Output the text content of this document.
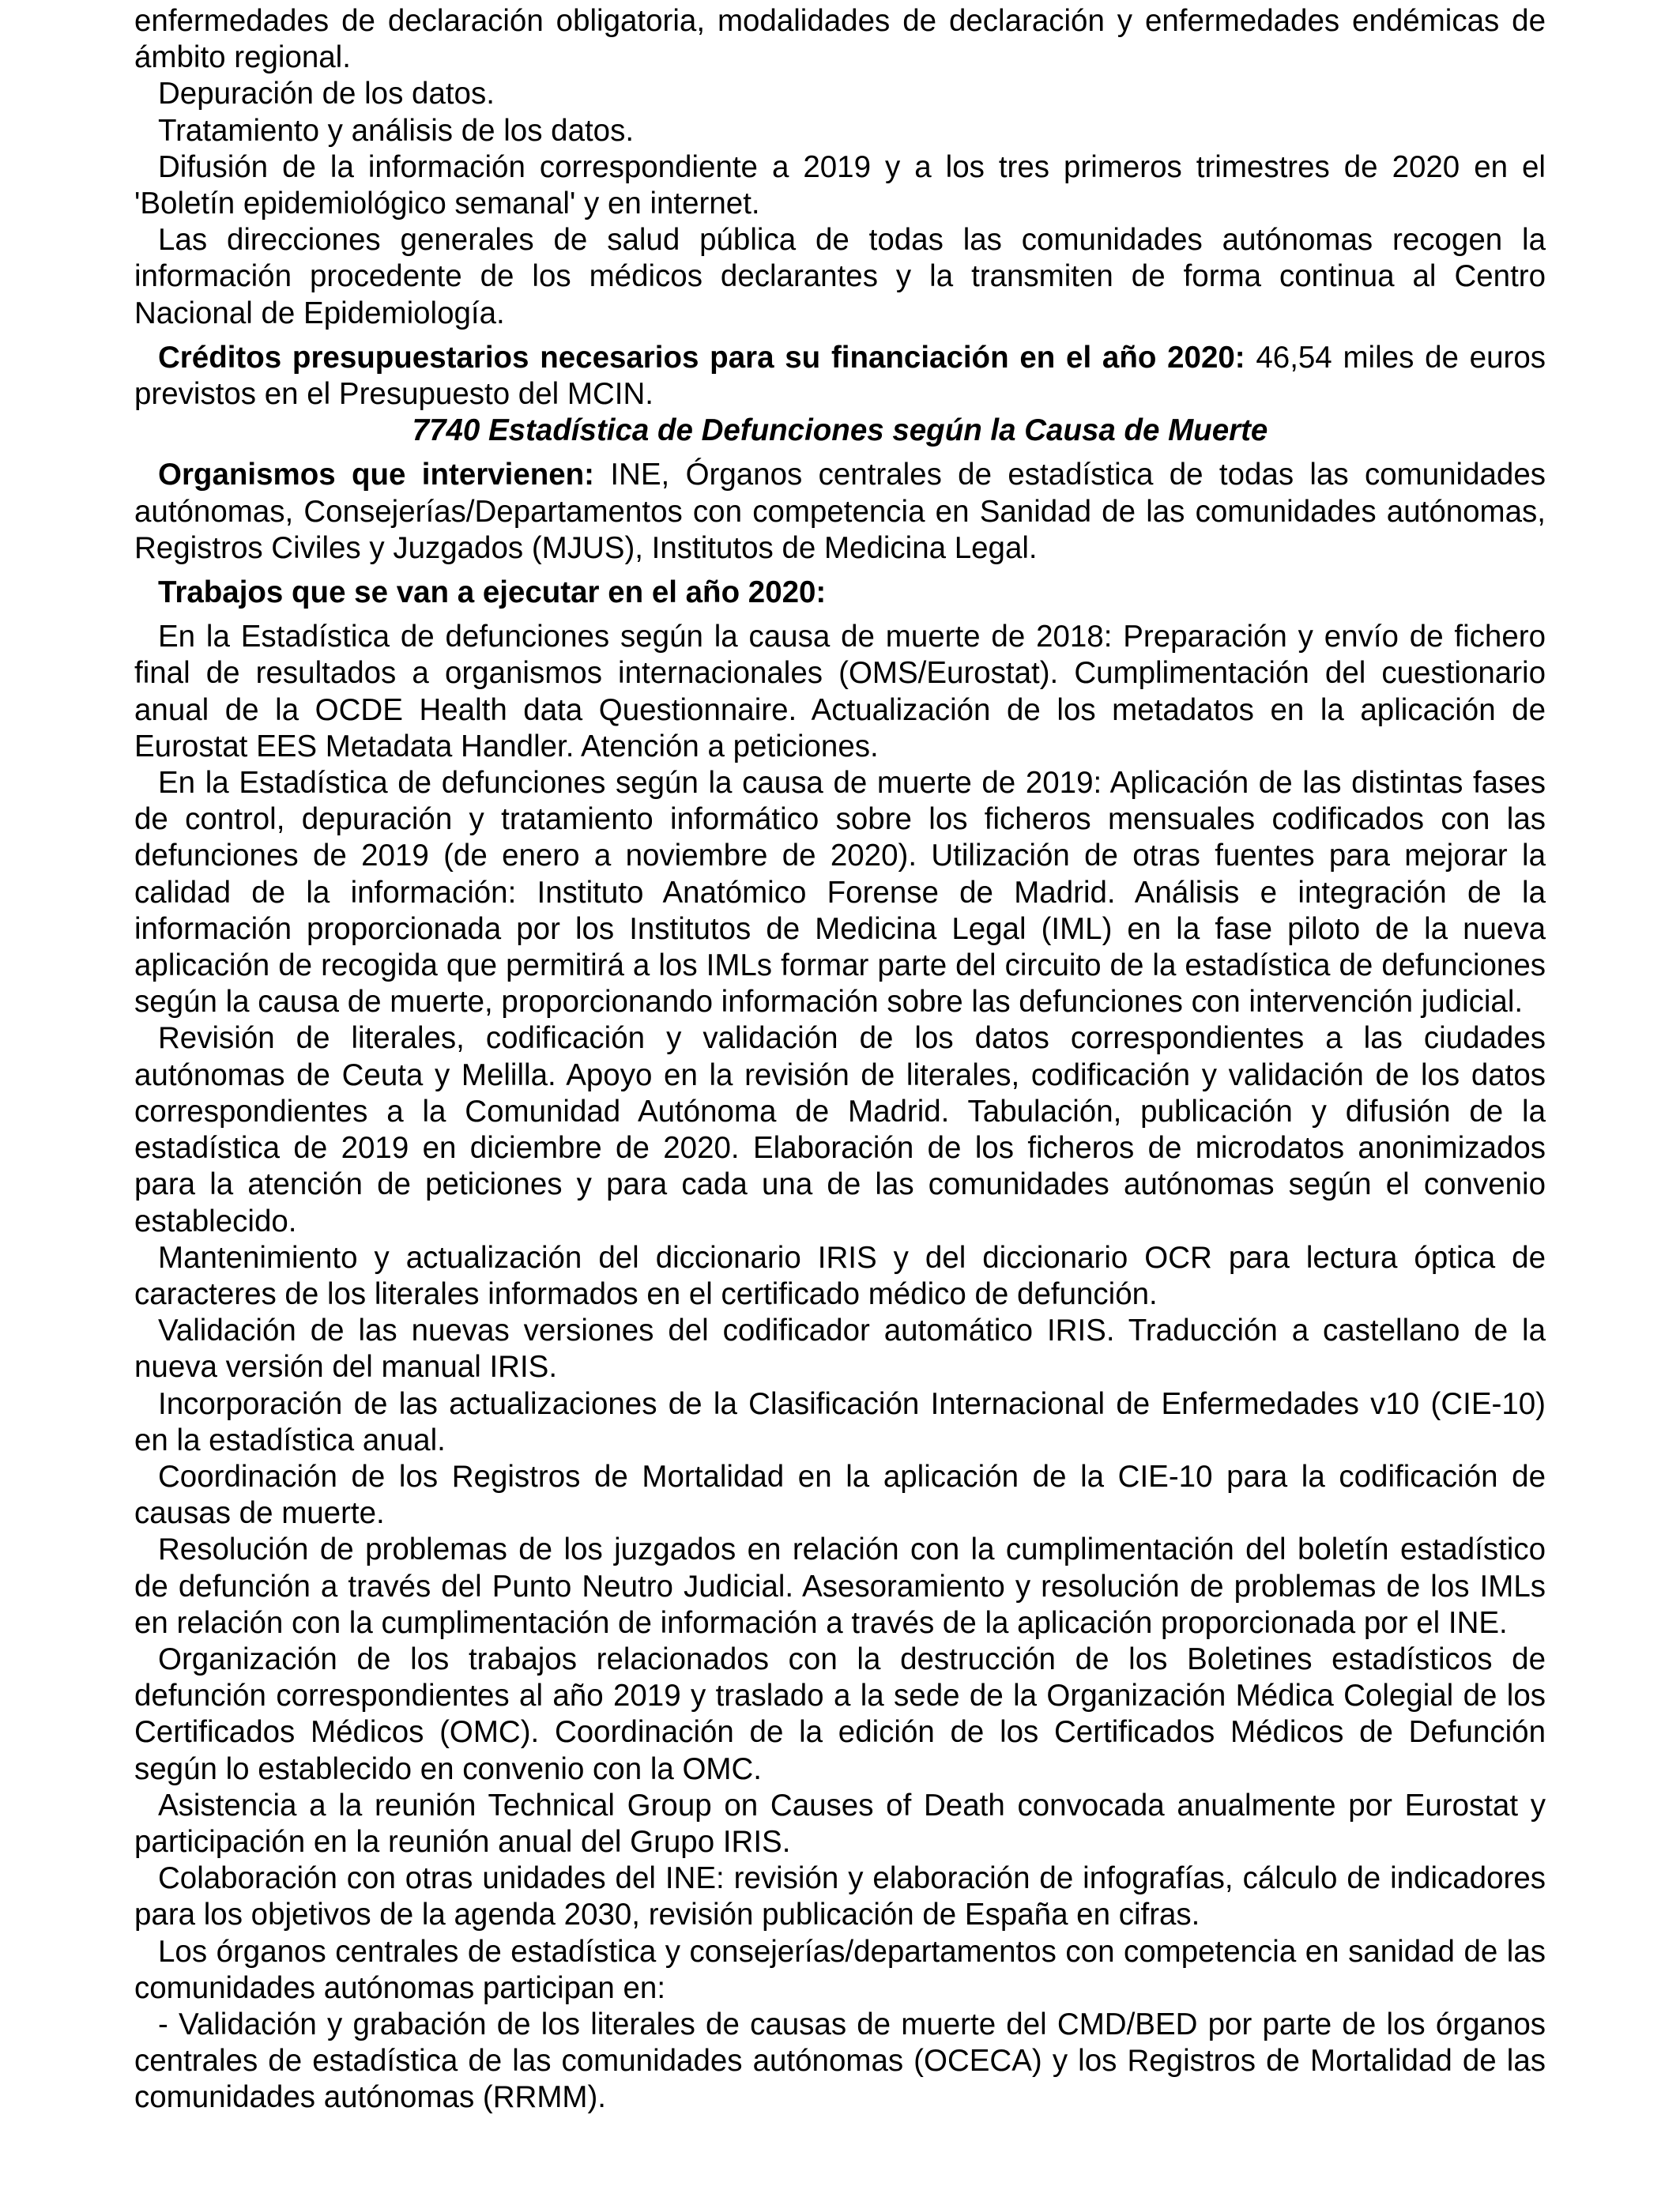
enfermedades de declaración obligatoria, modalidades de declaración y enfermedades endémicas de ámbito regional.

Depuración de los datos.

Tratamiento y análisis de los datos.

Difusión de la información correspondiente a 2019 y a los tres primeros trimestres de 2020 en el 'Boletín epidemiológico semanal' y en internet.

Las direcciones generales de salud pública de todas las comunidades autónomas recogen la información procedente de los médicos declarantes y la transmiten de forma continua al Centro Nacional de Epidemiología.

Créditos presupuestarios necesarios para su financiación en el año 2020: 46,54 miles de euros previstos en el Presupuesto del MCIN.

7740 Estadística de Defunciones según la Causa de Muerte

Organismos que intervienen: INE, Órganos centrales de estadística de todas las comunidades autónomas, Consejerías/Departamentos con competencia en Sanidad de las comunidades autónomas, Registros Civiles y Juzgados (MJUS), Institutos de Medicina Legal.

Trabajos que se van a ejecutar en el año 2020:

En la Estadística de defunciones según la causa de muerte de 2018: Preparación y envío de fichero final de resultados a organismos internacionales (OMS/Eurostat). Cumplimentación del cuestionario anual de la OCDE Health data Questionnaire. Actualización de los metadatos en la aplicación de Eurostat EES Metadata Handler. Atención a peticiones.

En la Estadística de defunciones según la causa de muerte de 2019: Aplicación de las distintas fases de control, depuración y tratamiento informático sobre los ficheros mensuales codificados con las defunciones de 2019 (de enero a noviembre de 2020). Utilización de otras fuentes para mejorar la calidad de la información: Instituto Anatómico Forense de Madrid. Análisis e integración de la información proporcionada por los Institutos de Medicina Legal (IML) en la fase piloto de la nueva aplicación de recogida que permitirá a los IMLs formar parte del circuito de la estadística de defunciones según la causa de muerte, proporcionando información sobre las defunciones con intervención judicial.

Revisión de literales, codificación y validación de los datos correspondientes a las ciudades autónomas de Ceuta y Melilla. Apoyo en la revisión de literales, codificación y validación de los datos correspondientes a la Comunidad Autónoma de Madrid. Tabulación, publicación y difusión de la estadística de 2019 en diciembre de 2020. Elaboración de los ficheros de microdatos anonimizados para la atención de peticiones y para cada una de las comunidades autónomas según el convenio establecido.

Mantenimiento y actualización del diccionario IRIS y del diccionario OCR para lectura óptica de caracteres de los literales informados en el certificado médico de defunción.

Validación de las nuevas versiones del codificador automático IRIS. Traducción a castellano de la nueva versión del manual IRIS.

Incorporación de las actualizaciones de la Clasificación Internacional de Enfermedades v10 (CIE-10) en la estadística anual.

Coordinación de los Registros de Mortalidad en la aplicación de la CIE-10 para la codificación de causas de muerte.

Resolución de problemas de los juzgados en relación con la cumplimentación del boletín estadístico de defunción a través del Punto Neutro Judicial. Asesoramiento y resolución de problemas de los IMLs en relación con la cumplimentación de información a través de la aplicación proporcionada por el INE.

Organización de los trabajos relacionados con la destrucción de los Boletines estadísticos de defunción correspondientes al año 2019 y traslado a la sede de la Organización Médica Colegial de los Certificados Médicos (OMC). Coordinación de la edición de los Certificados Médicos de Defunción según lo establecido en convenio con la OMC.

Asistencia a la reunión Technical Group on Causes of Death convocada anualmente por Eurostat y participación en la reunión anual del Grupo IRIS.

Colaboración con otras unidades del INE: revisión y elaboración de infografías, cálculo de indicadores para los objetivos de la agenda 2030, revisión publicación de España en cifras.

Los órganos centrales de estadística y consejerías/departamentos con competencia en sanidad de las comunidades autónomas participan en:

- Validación y grabación de los literales de causas de muerte del CMD/BED por parte de los órganos centrales de estadística de las comunidades autónomas (OCECA) y los Registros de Mortalidad de las comunidades autónomas (RRMM).
